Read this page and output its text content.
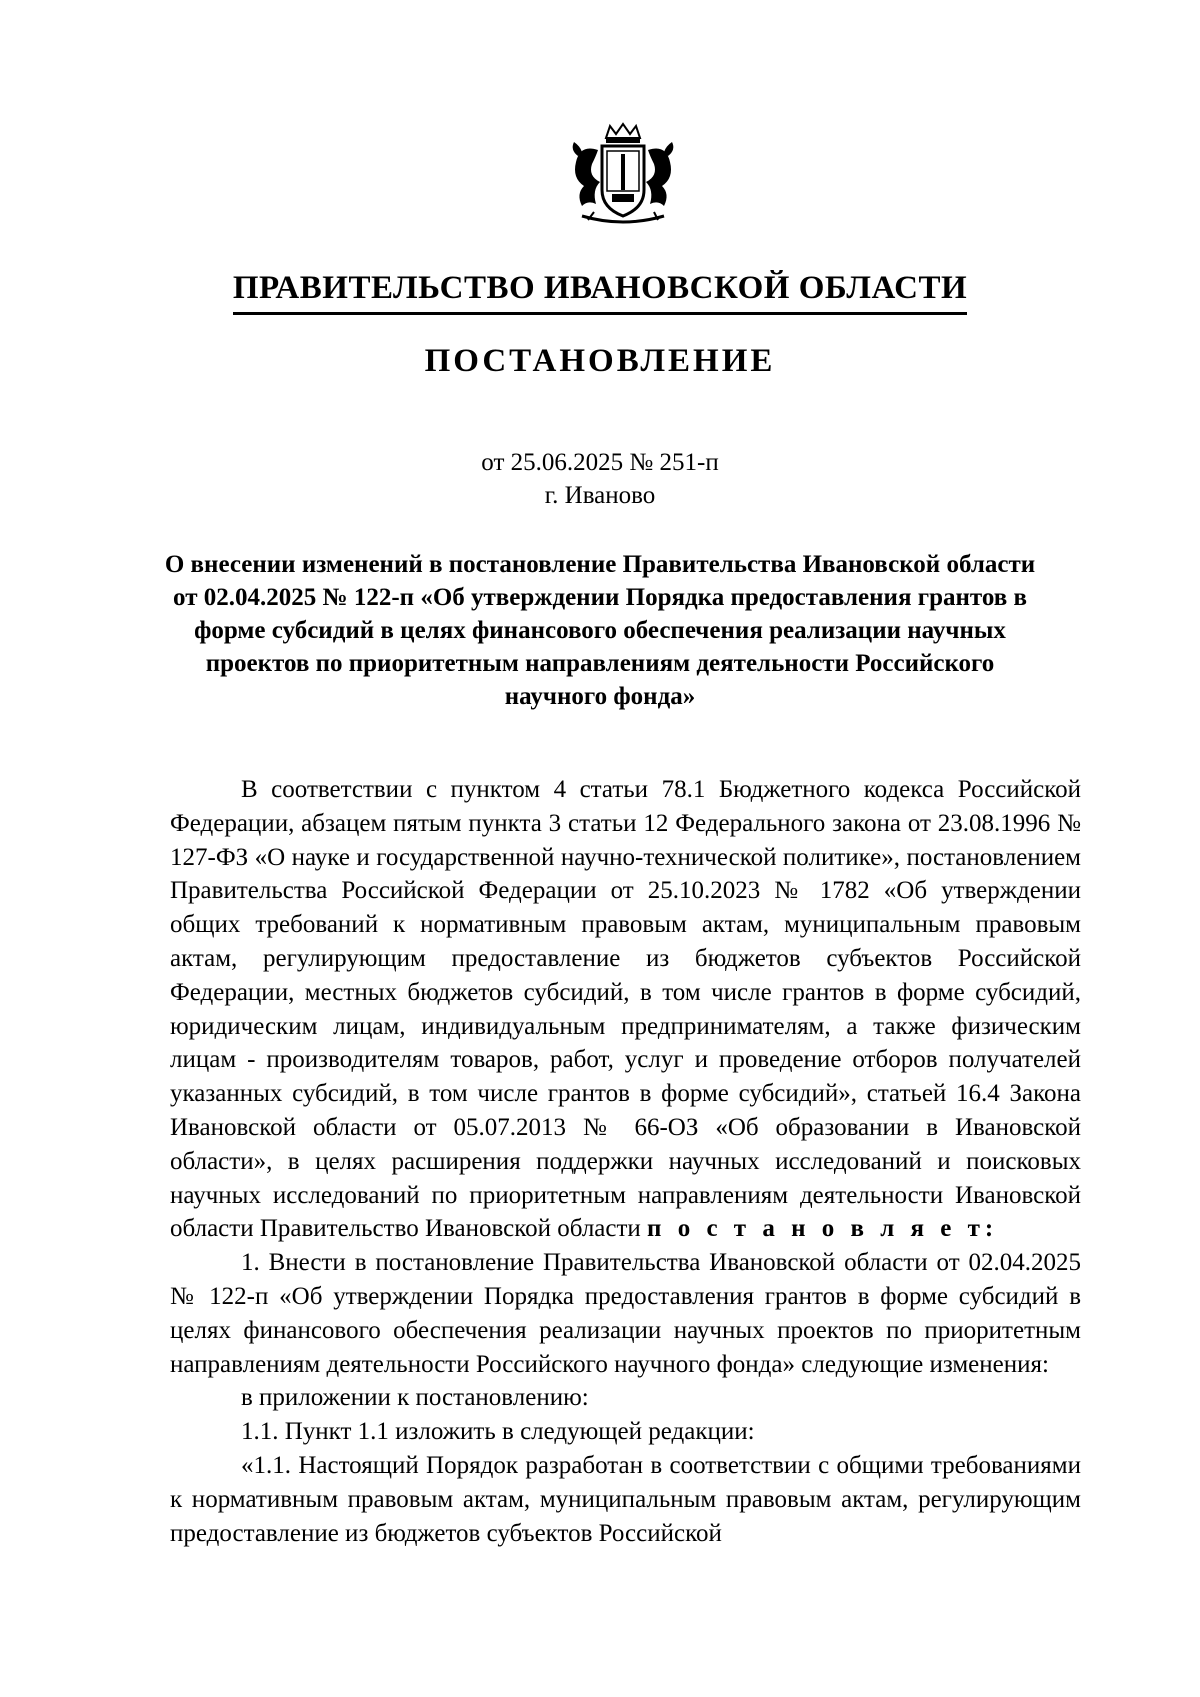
ПРАВИТЕЛЬСТВО ИВАНОВСКОЙ ОБЛАСТИ
ПОСТАНОВЛЕНИЕ
от 25.06.2025 № 251-п
г. Иваново
О внесении изменений в постановление Правительства Ивановской области от 02.04.2025 № 122-п «Об утверждении Порядка предоставления грантов в форме субсидий в целях финансового обеспечения реализации научных проектов по приоритетным направлениям деятельности Российского научного фонда»

В соответствии с пунктом 4 статьи 78.1 Бюджетного кодекса Российской Федерации, абзацем пятым пункта 3 статьи 12 Федерального закона от 23.08.1996 № 127-ФЗ «О науке и государственной научно-технической политике», постановлением Правительства Российской Федерации от 25.10.2023 № 1782 «Об утверждении общих требований к нормативным правовым актам, муниципальным правовым актам, регулирующим предоставление из бюджетов субъектов Российской Федерации, местных бюджетов субсидий, в том числе грантов в форме субсидий, юридическим лицам, индивидуальным предпринимателям, а также физическим лицам - производителям товаров, работ, услуг и проведение отборов получателей указанных субсидий, в том числе грантов в форме субсидий», статьей 16.4 Закона Ивановской области от 05.07.2013 № 66-ОЗ «Об образовании в Ивановской области», в целях расширения поддержки научных исследований и поисковых научных исследований по приоритетным направлениям деятельности Ивановской области Правительство Ивановской области п о с т а н о в л я е т:

1. Внести в постановление Правительства Ивановской области от 02.04.2025 № 122-п «Об утверждении Порядка предоставления грантов в форме субсидий в целях финансового обеспечения реализации научных проектов по приоритетным направлениям деятельности Российского научного фонда» следующие изменения:

в приложении к постановлению:

1.1. Пункт 1.1 изложить в следующей редакции:

«1.1. Настоящий Порядок разработан в соответствии с общими требованиями к нормативным правовым актам, муниципальным правовым актам, регулирующим предоставление из бюджетов субъектов Российской
